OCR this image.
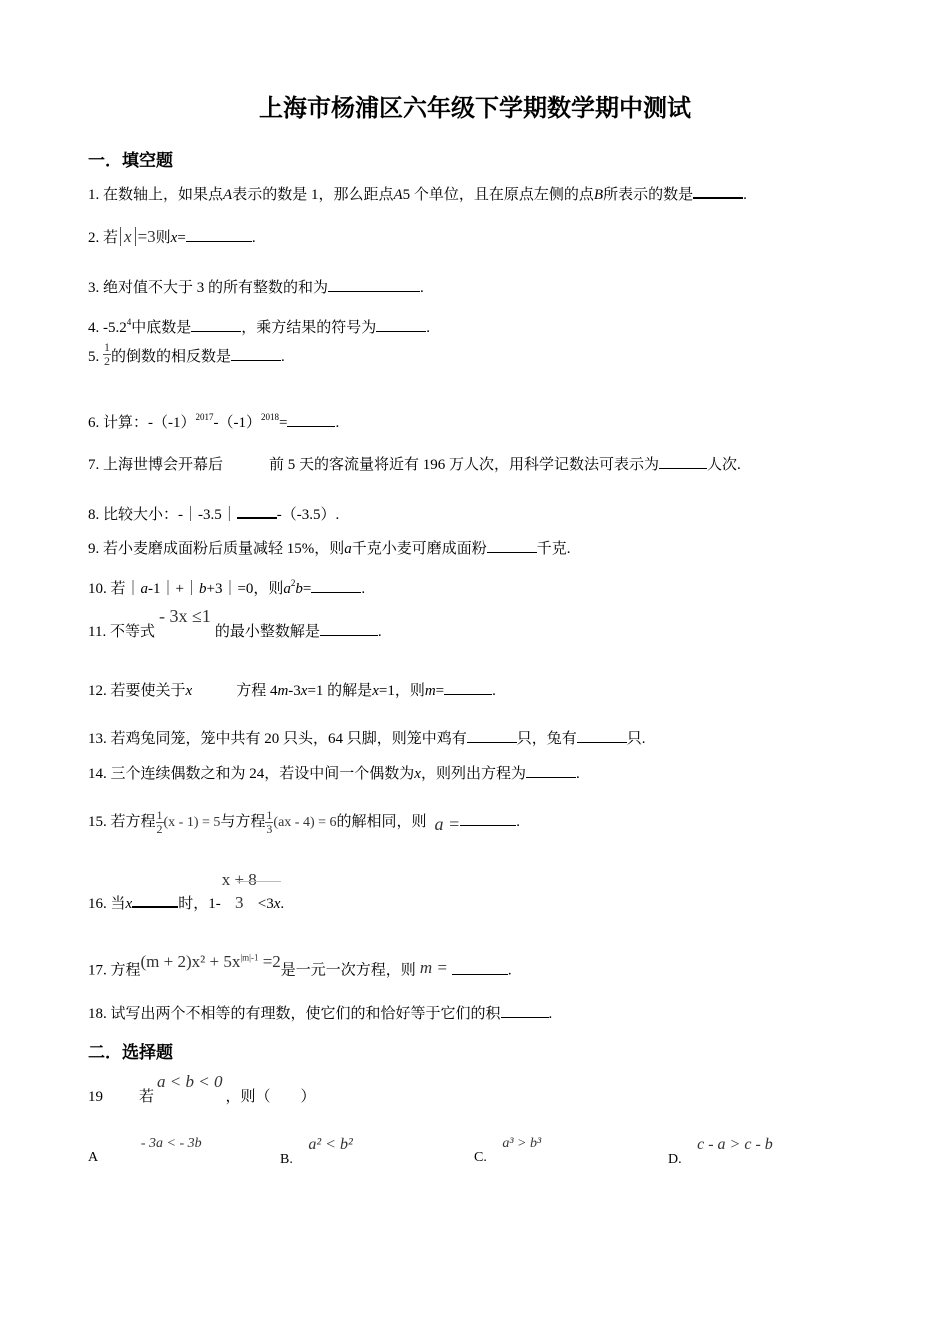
上海市杨浦区六年级下学期数学期中测试
一．填空题
1. 在数轴上，如果点A表示的数是 1，那么距点A5 个单位，且在原点左侧的点B所表示的数是	.
2. 若 x =3则x=	.
3. 绝对值不大于 3 的所有整数的和为	.
4. $-5.2^4$中底数是	，乘方结果的符号为	.
5. $\frac{1}{2}$ 的倒数的相反数是	.
6. 计算：$-(-1)^{2017}-(-1)^{2018}=$	.
7. 上海世博会开幕后	前 5 天的客流量将近有 196 万人次，用科学记数法可表示为	人次.
8. 比较大小：-｜-3.5｜	-（-3.5）.
9. 若小麦磨成面粉后质量减轻 15%，则a千克小麦可磨成面粉	千克.
10. 若｜a-1｜+｜b+3｜=0，则$a^2b=$	.
11. 不等式- 3x ≤1的最小整数解是	.
12. 若要使关于x	方程 4m-3x=1 的解是x=1，则m=	.
13. 若鸡兔同笼，笼中共有 20 只头，64 只脚，则笼中鸡有	只，兔有	只.
14. 三个连续偶数之和为 24，若设中间一个偶数为x，则列出方程为	.
15. 若方程 $\frac{1}{2} (x - 1) = 5$与方程 $\frac{1}{3} (ax - 4) = 6$的解相同，则 a =	.
16. 当x	时，$1- \frac{x + 8}{3} <3x$.
17. 方程$(m + 2)x^2 + 5x^{|m|-1} =2$是一元一次方程，则 m =	.
18. 试写出两个不相等的有理数，使它们的和恰好等于它们的积	.
二．选择题
19 若a < b < 0，则（　　）
A - 3a < - 3b
B. a² < b²
C. a³ > b³
D. c - a > c - b
